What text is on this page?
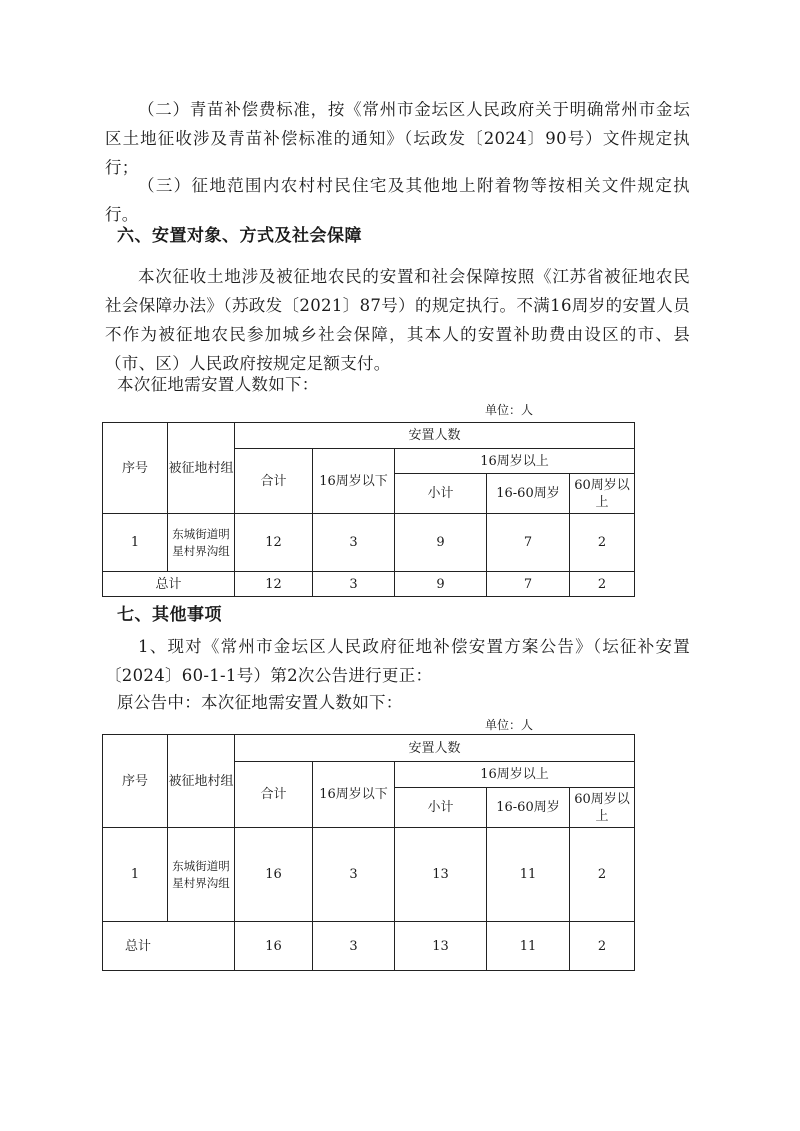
（二）青苗补偿费标准，按《常州市金坛区人民政府关于明确常州市金坛区土地征收涉及青苗补偿标准的通知》（坛政发〔2024〕90号）文件规定执行；

（三）征地范围内农村村民住宅及其他地上附着物等按相关文件规定执行。

六、安置对象、方式及社会保障

本次征收土地涉及被征地农民的安置和社会保障按照《江苏省被征地农民社会保障办法》（苏政发〔2021〕87号）的规定执行。不满16周岁的安置人员不作为被征地农民参加城乡社会保障，其本人的安置补助费由设区的市、县（市、区）人民政府按规定足额支付。

本次征地需安置人数如下：

单位：人

序号	被征地村组	安置人数				
		合计	16周岁以下	16周岁以上		
				小计	16-60周岁	60周岁以上
1	东城街道明星村界沟组	12	3	9	7	2
总计		12	3	9	7	2
七、其他事项

1、现对《常州市金坛区人民政府征地补偿安置方案公告》（坛征补安置〔2024〕60-1-1号）第2次公告进行更正：

原公告中：本次征地需安置人数如下：

单位：人

序号	被征地村组	安置人数				
		合计	16周岁以下	16周岁以上		
				小计	16-60周岁	60周岁以上
1	东城街道明星村界沟组	16	3	13	11	2
总计		16	3	13	11	2
